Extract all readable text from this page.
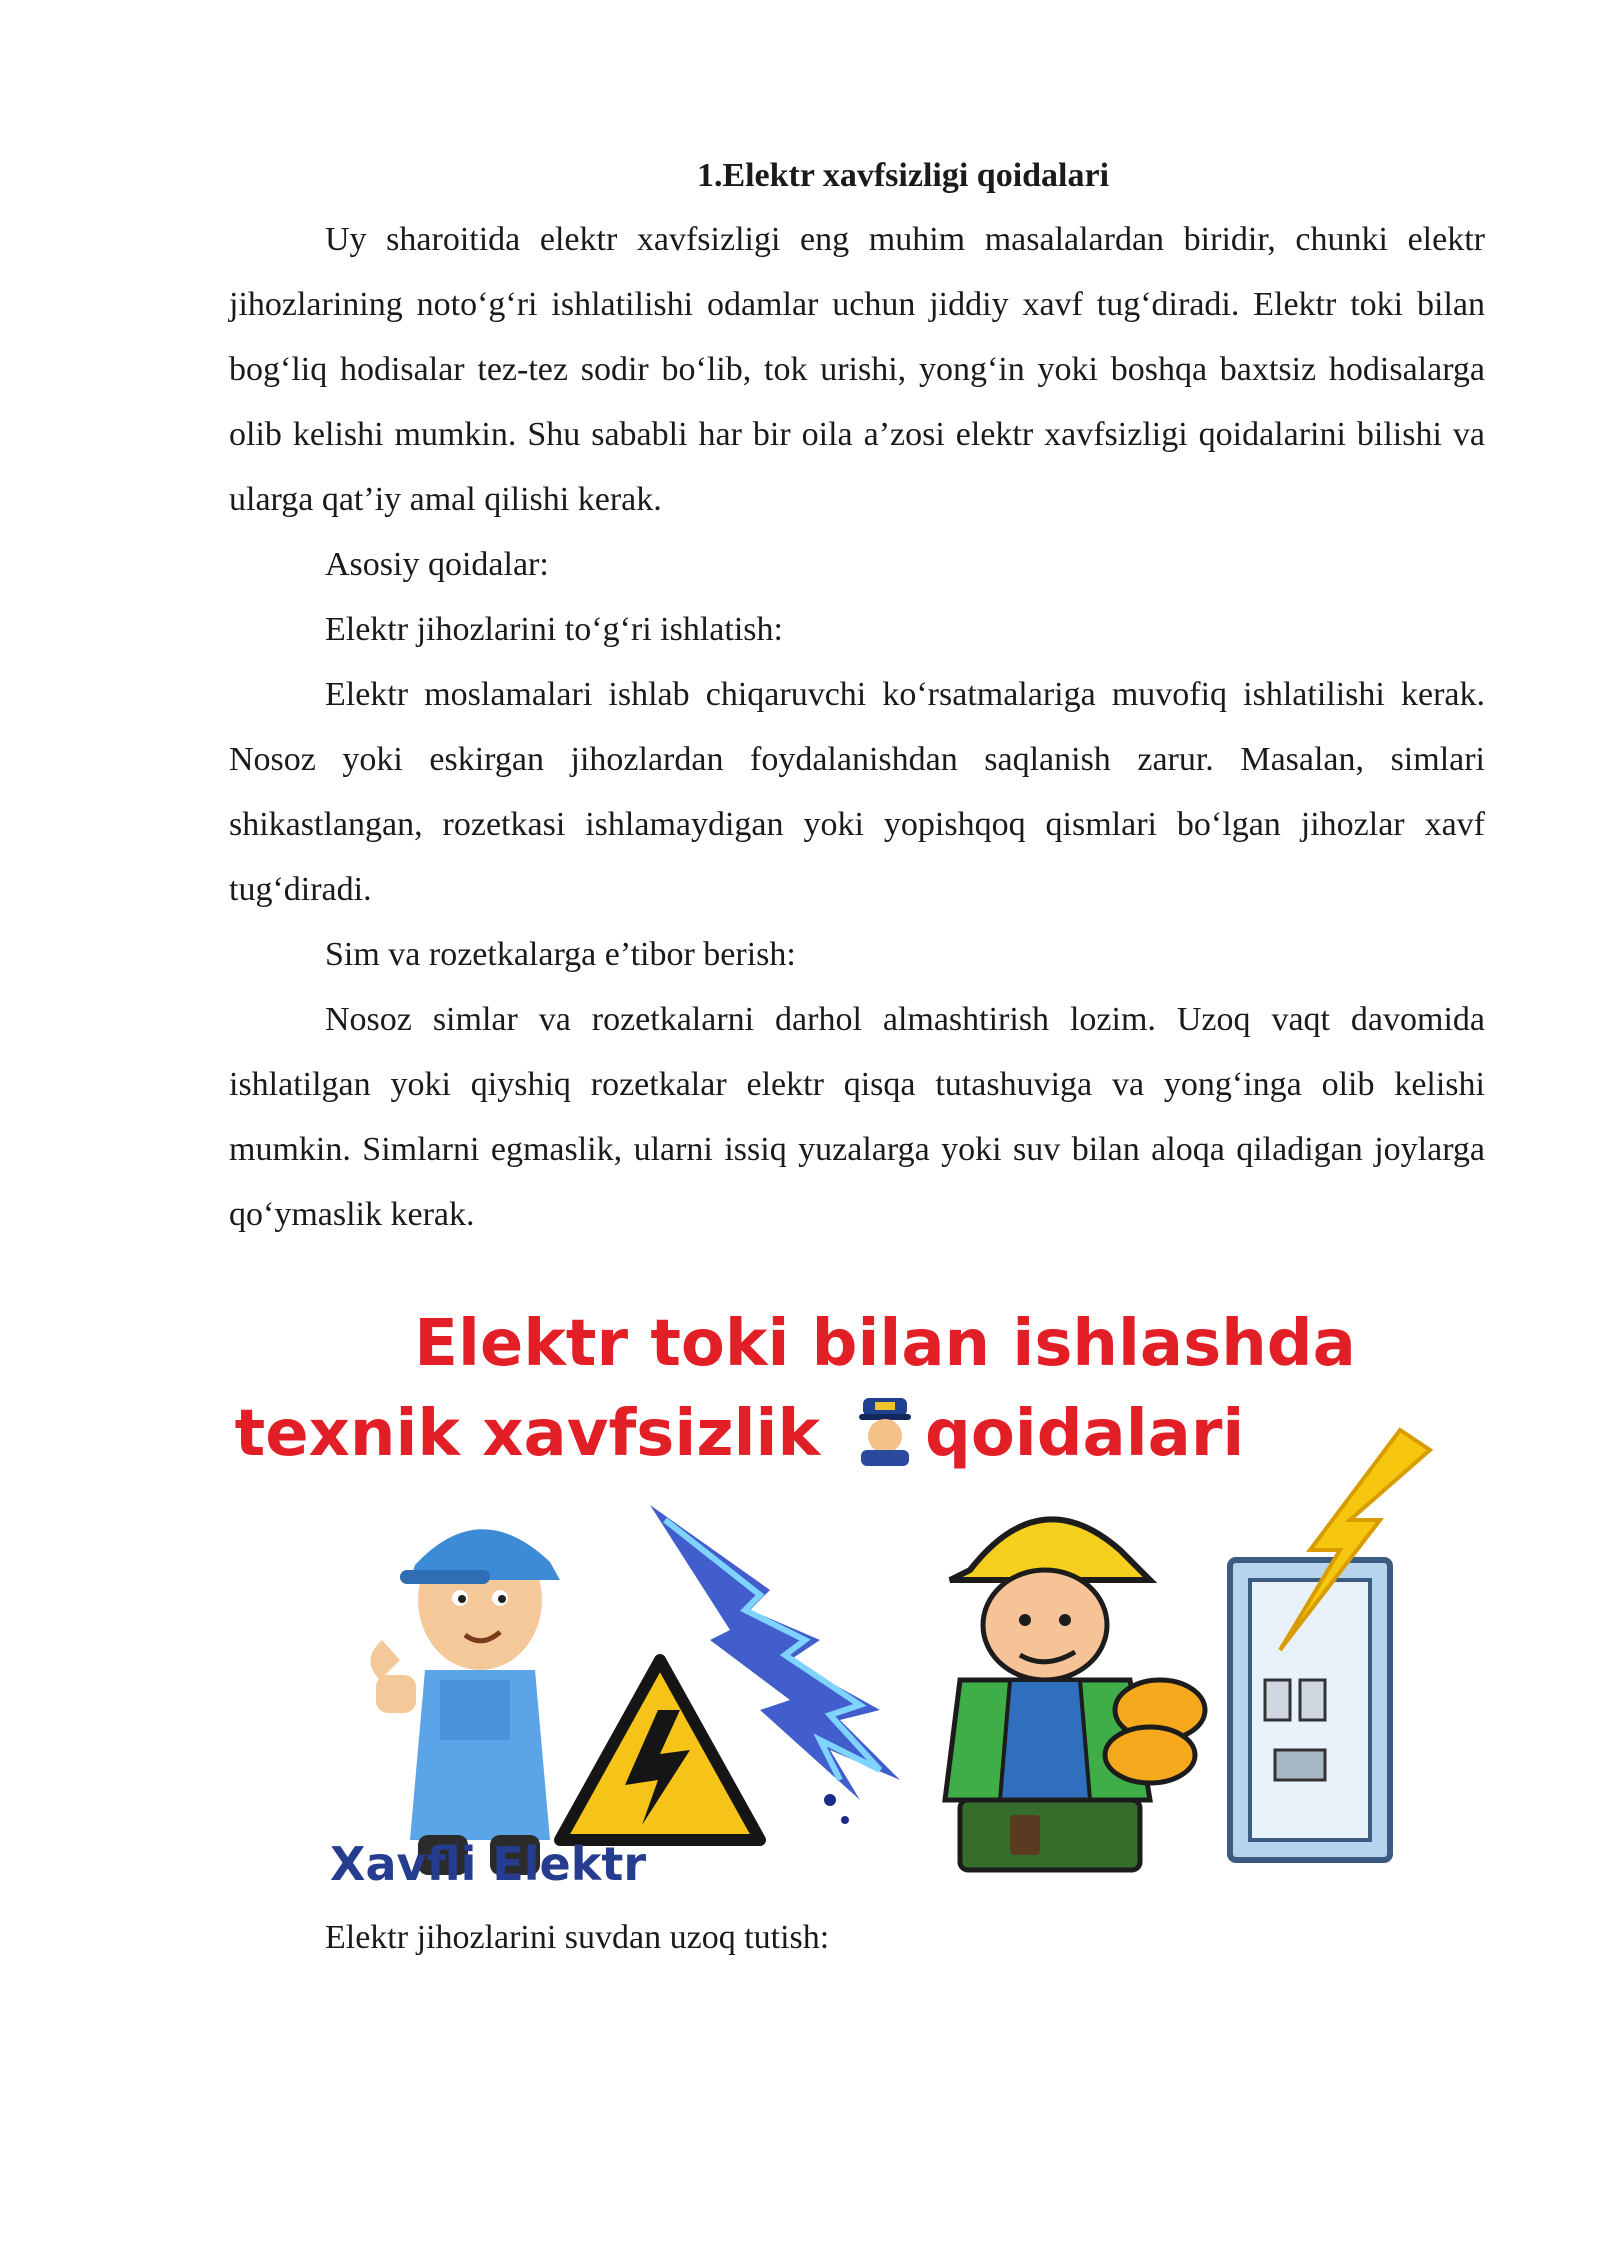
1.Elektr xavfsizligi qoidalari

Uy sharoitida elektr xavfsizligi eng muhim masalalardan biridir, chunki elektr jihozlarining noto‘g‘ri ishlatilishi odamlar uchun jiddiy xavf tug‘diradi. Elektr toki bilan bog‘liq hodisalar tez-tez sodir bo‘lib, tok urishi, yong‘in yoki boshqa baxtsiz hodisalarga olib kelishi mumkin. Shu sababli har bir oila a’zosi elektr xavfsizligi qoidalarini bilishi va ularga qat’iy amal qilishi kerak.

Asosiy qoidalar:

Elektr jihozlarini to‘g‘ri ishlatish:

Elektr moslamalari ishlab chiqaruvchi ko‘rsatmalariga muvofiq ishlatilishi kerak. Nosoz yoki eskirgan jihozlardan foydalanishdan saqlanish zarur. Masalan, simlari shikastlangan, rozetkasi ishlamaydigan yoki yopishqoq qismlari bo‘lgan jihozlar xavf tug‘diradi.

Sim va rozetkalarga e’tibor berish:

Nosoz simlar va rozetkalarni darhol almashtirish lozim. Uzoq vaqt davomida ishlatilgan yoki qiyshiq rozetkalar elektr qisqa tutashuviga va yong‘inga olib kelishi mumkin. Simlarni egmaslik, ularni issiq yuzalarga yoki suv bilan aloqa qiladigan joylarga qo‘ymaslik kerak.

Elektr toki bilan ishlashda
texnik xavfsizlik qoidalari
Xavfli Elektr

Elektr jihozlarini suvdan uzoq tutish:
